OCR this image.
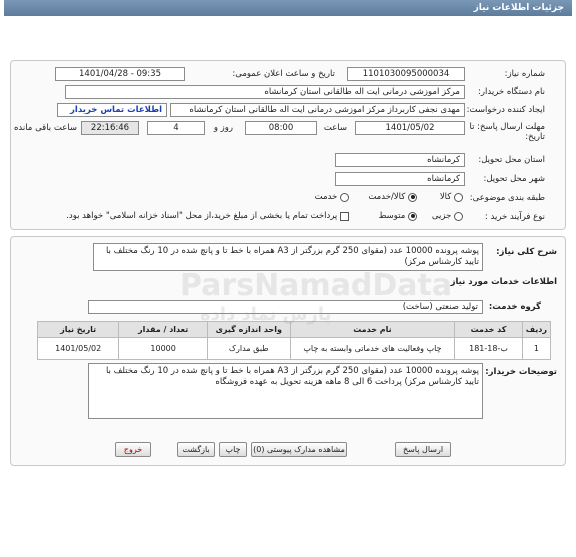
جزئیات اطلاعات نیاز
شماره نیاز:
1101030095000034
تاریخ و ساعت اعلان عمومی:
1401/04/28 - 09:35
نام دستگاه خریدار:
مرکز اموزشی درمانی ایت اله طالقانی استان کرمانشاه
ایجاد کننده درخواست:
مهدی نجفی کاربرداز مرکز اموزشی درمانی ایت اله طالقانی استان کرمانشاه
اطلاعات تماس خریدار
مهلت ارسال پاسخ: تا تاریخ:
1401/05/02
ساعت
08:00
روز و
4
22:16:46
ساعت باقی مانده
استان محل تحویل:
کرمانشاه
شهر محل تحویل:
کرمانشاه
طبقه بندی موضوعی:
کالا
کالا/خدمت
خدمت
نوع فرآیند خرید :
جزیی
متوسط
پرداخت تمام یا بخشی از مبلغ خرید،از محل "اسناد خزانه اسلامی" خواهد بود.
شرح کلی نیاز:
پوشه پرونده 10000 عدد (مقوای 250 گرم بزرگتر از A3 همراه با خط تا و پانچ شده در 10 رنگ مختلف با تایید کارشناس مرکز)
اطلاعات خدمات مورد نیاز
گروه خدمت:
تولید صنعتی (ساخت)
ردیف	کد خدمت	نام خدمت	واحد اندازه گیری	تعداد / مقدار	تاریخ نیاز
1	ب-18-181	چاپ وفعالیت های خدماتی وابسته به چاپ	طبق مدارک	10000	1401/05/02
توضیحات خریدار:
پوشه پرونده 10000 عدد (مقوای 250 گرم بزرگتر از A3 همراه با خط تا و پانچ شده در 10 رنگ مختلف با تایید کارشناس مرکز) پرداخت 6 الی 8 ماهه هزینه تحویل به عهده فروشگاه
مشاهده مدارک پیوستی (0)
چاپ	ارسال پاسخ
بازگشت
خروج
ParsNamadData
پارس نماد داده
